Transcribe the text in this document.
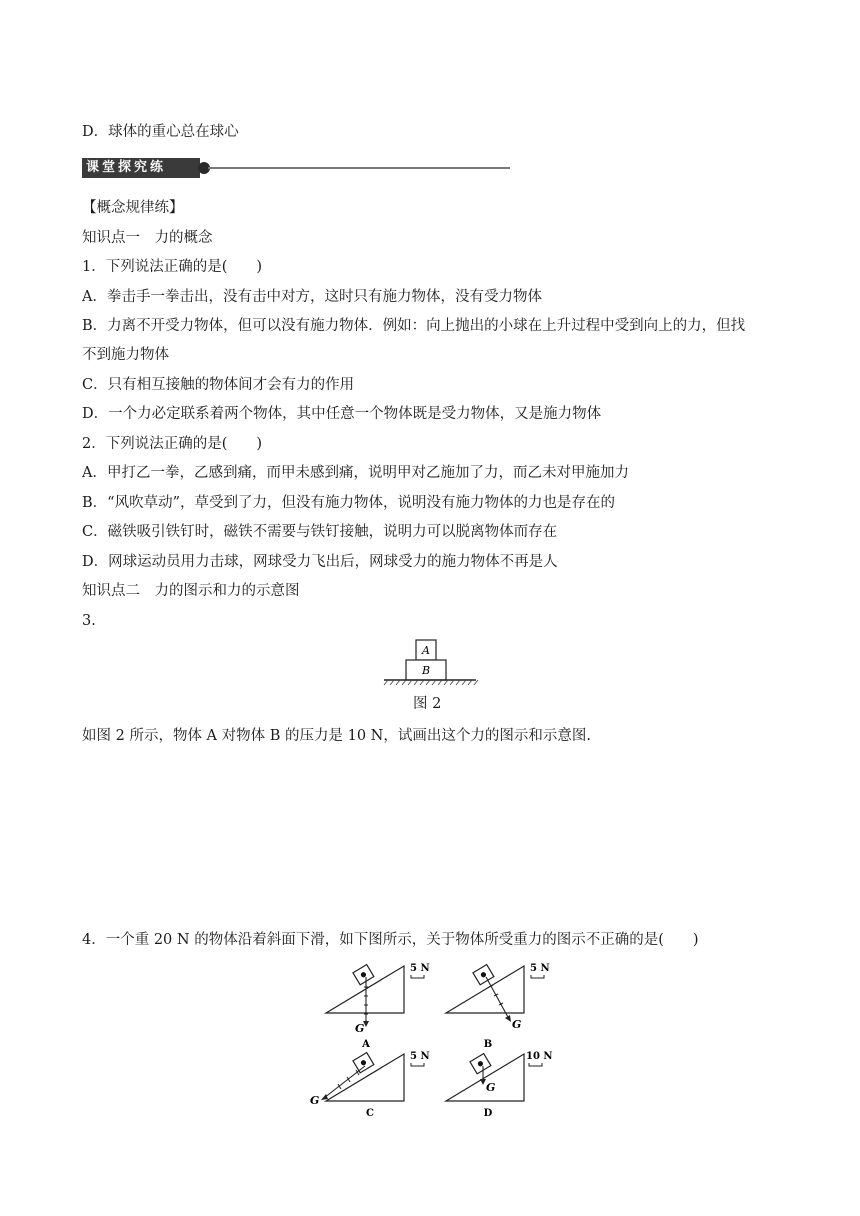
D．球体的重心总在球心
课堂探究练
【概念规律练】
知识点一　力的概念
1．下列说法正确的是(　　)
A．拳击手一拳击出，没有击中对方，这时只有施力物体，没有受力物体
B．力离不开受力物体，但可以没有施力物体．例如：向上抛出的小球在上升过程中受到向上的力，但找
不到施力物体
C．只有相互接触的物体间才会有力的作用
D．一个力必定联系着两个物体，其中任意一个物体既是受力物体，又是施力物体
2．下列说法正确的是(　　)
A．甲打乙一拳，乙感到痛，而甲未感到痛，说明甲对乙施加了力，而乙未对甲施加力
B．“风吹草动”，草受到了力，但没有施力物体，说明没有施力物体的力也是存在的
C．磁铁吸引铁钉时，磁铁不需要与铁钉接触，说明力可以脱离物体而存在
D．网球运动员用力击球，网球受力飞出后，网球受力的施力物体不再是人
知识点二　力的图示和力的示意图
3.
A
B
图 2
如图 2 所示，物体 A 对物体 B 的压力是 10 N，试画出这个力的图示和示意图.
4．一个重 20 N 的物体沿着斜面下滑，如下图所示，关于物体所受重力的图示不正确的是(　　)
G
5 N
A
G
5 N
B
G
5 N
C
G
10 N
D
